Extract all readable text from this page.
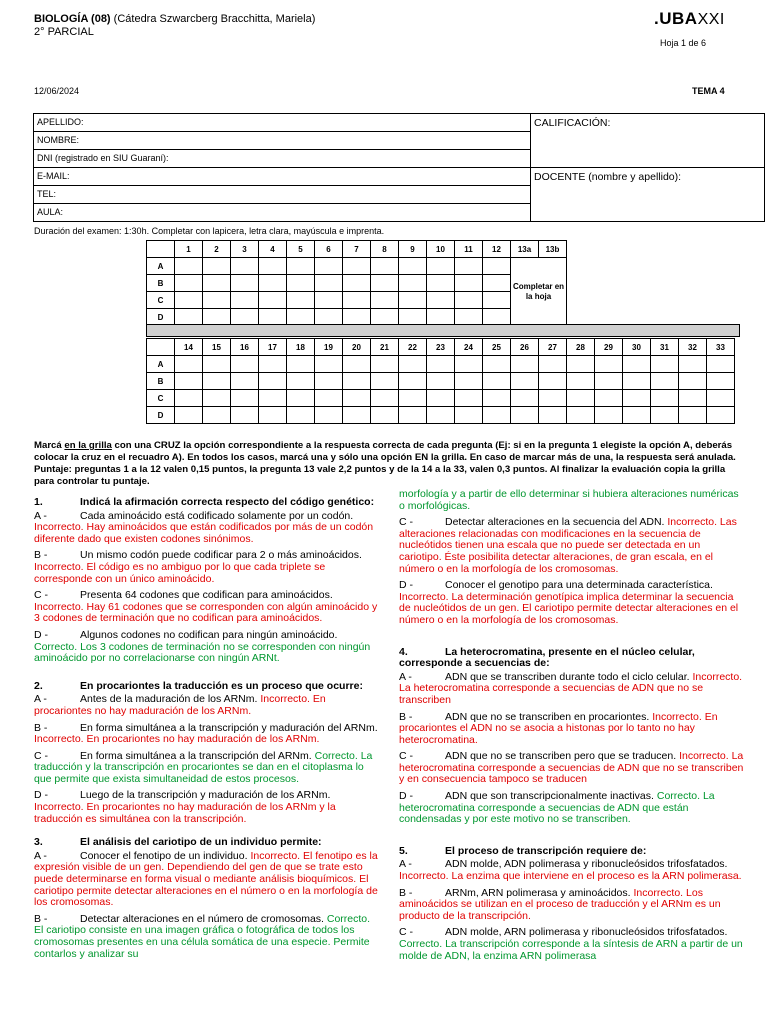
BIOLOGÍA (08) (Cátedra Szwarcberg Bracchitta, Mariela)
2° PARCIAL
.UBAXXI
Hoja 1 de 6
12/06/2024	TEMA 4
APELLIDO:	CALIFICACIÓN:
NOMBRE:	
DNI (registrado en SIU Guaraní):	
E-MAIL:	DOCENTE (nombre y apellido):
TEL:	
AULA:	
Duración del examen: 1:30h. Completar con lapicera, letra clara, mayúscula e imprenta.
	1	2	3	4	5	6	7	8	9	10	11	12	13a	13b
A													Completar en la hoja	
B														
C														
D														
	14	15	16	17	18	19	20	21	22	23	24	25	26	27	28	29	30	31	32	33
A																				
B																				
C																				
D																				
Marcá en la grilla con una CRUZ la opción correspondiente a la respuesta correcta de cada pregunta (Ej: si en la pregunta 1 elegiste la opción A, deberás colocar la cruz en el recuadro A). En todos los casos, marcá una y sólo una opción EN la grilla. En caso de marcar más de una, la respuesta será anulada. Puntaje: preguntas 1 a la 12 valen 0,15 puntos, la pregunta 13 vale 2,2 puntos y de la 14 a la 33, valen 0,3 puntos. Al finalizar la evaluación copia la grilla para controlar tu puntaje.
1.	Indicá la afirmación correcta respecto del código genético:
A -	Cada aminoácido está codificado solamente por un codón. Incorrecto. Hay aminoácidos que están codificados por más de un codón diferente dado que existen codones sinónimos.
B -	Un mismo codón puede codificar para 2 o más aminoácidos. Incorrecto. El código es no ambiguo por lo que cada triplete se corresponde con un único aminoácido.
C -	Presenta 64 codones que codifican para aminoácidos. Incorrecto. Hay 61 codones que se corresponden con algún aminoácido y 3 codones de terminación que no codifican para aminoácidos.
D -	Algunos codones no codifican para ningún aminoácido. Correcto. Los 3 codones de terminación no se corresponden con ningún aminoácido por no correlacionarse con ningún ARNt.
2.	En procariontes la traducción es un proceso que ocurre:
A -	Antes de la maduración de los ARNm. Incorrecto. En procariontes no hay maduración de los ARNm.
B -	En forma simultánea a la transcripción y maduración del ARNm. Incorrecto. En procariontes no hay maduración de los ARNm.
C -	En forma simultánea a la transcripción del ARNm. Correcto. La traducción y la transcripción en procariontes se dan en el citoplasma lo que permite que exista simultaneidad de estos procesos.
D -	Luego de la transcripción y maduración de los ARNm. Incorrecto. En procariontes no hay maduración de los ARNm y la traducción es simultánea con la transcripción.
3.	El análisis del cariotipo de un individuo permite:
A -	Conocer el fenotipo de un individuo. Incorrecto. El fenotipo es la expresión visible de un gen. Dependiendo del gen de que se trate esto puede determinarse en forma visual o mediante análisis bioquímicos. El cariotipo permite detectar alteraciones en el número o en la morfología de los cromosomas.
B -	Detectar alteraciones en el número de cromosomas. Correcto. El cariotipo consiste en una imagen gráfica o fotográfica de todos los cromosomas presentes en una célula somática de una especie. Permite contarlos y analizar su
morfología y a partir de ello determinar si hubiera alteraciones numéricas o morfológicas.
C -	Detectar alteraciones en la secuencia del ADN. Incorrecto. Las alteraciones relacionadas con modificaciones en la secuencia de nucleótidos tienen una escala que no puede ser detectada en un cariotipo. Éste posibilita detectar alteraciones, de gran escala, en el número o en la morfología de los cromosomas.
D -	Conocer el genotipo para una determinada característica. Incorrecto. La determinación genotípica implica determinar la secuencia de nucleótidos de un gen. El cariotipo permite detectar alteraciones en el número o en la morfología de los cromosomas.
4.	La heterocromatina, presente en el núcleo celular, corresponde a secuencias de:
A -	ADN que se transcriben durante todo el ciclo celular. Incorrecto. La heterocromatina corresponde a secuencias de ADN que no se transcriben
B -	ADN que no se transcriben en procariontes. Incorrecto. En procariontes el ADN no se asocia a histonas por lo tanto no hay heterocromatina.
C -	ADN que no se transcriben pero que se traducen. Incorrecto. La heterocromatina corresponde a secuencias de ADN que no se transcriben y en consecuencia tampoco se traducen
D -	ADN que son transcripcionalmente inactivas. Correcto. La heterocromatina corresponde a secuencias de ADN que están condensadas y por este motivo no se transcriben.
5.	El proceso de transcripción requiere de:
A -	ADN molde, ADN polimerasa y ribonucleósidos trifosfatados. Incorrecto. La enzima que interviene en el proceso es la ARN polimerasa.
B -	ARNm, ARN polimerasa y aminoácidos. Incorrecto. Los aminoácidos se utilizan en el proceso de traducción y el ARNm es un producto de la transcripción.
C -	ADN molde, ARN polimerasa y ribonucleósidos trifosfatados. Correcto. La transcripción corresponde a la síntesis de ARN a partir de un molde de ADN, la enzima ARN polimerasa
